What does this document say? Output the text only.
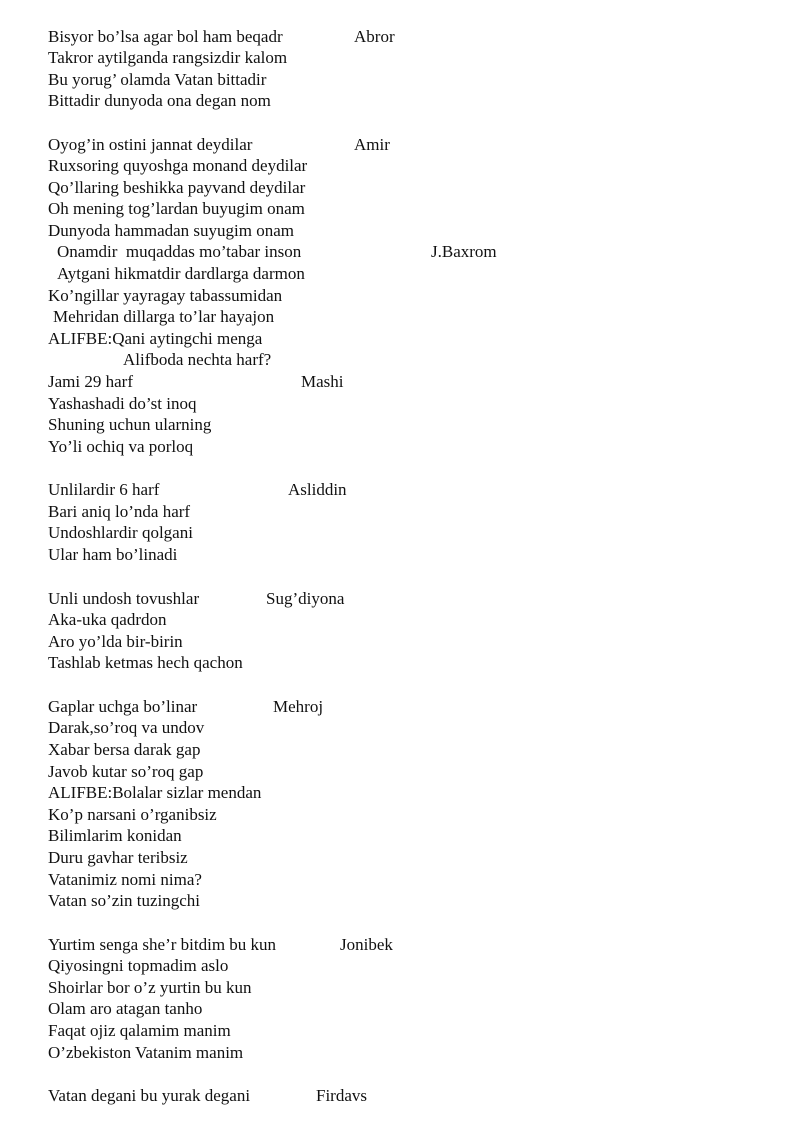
Bisyor bo’lsa agar bol ham beqadr	Abror
Takror aytilganda rangsizdir kalom
Bu yorug’ olamda Vatan bittadir
Bittadir dunyoda ona degan nom
Oyog’in ostini jannat deydilar	Amir
Ruxsoring quyoshga monand deydilar
Qo’llaring beshikka payvand deydilar
Oh mening tog’lardan buyugim onam
Dunyoda hammadan suyugim onam
Onamdir  muqaddas mo’tabar inson	J.Baxrom
Aytgani hikmatdir dardlarga darmon
Ko’ngillar yayragay tabassumidan
Mehridan dillarga to’lar hayajon
ALIFBE:Qani aytingchi menga
Alifboda nechta harf?
Jami 29 harf	Mashi
Yashashadi do’st inoq
Shuning uchun ularning
Yo’li ochiq va porloq
Unlilardir 6 harf	Asliddin
Bari aniq lo’nda harf
Undoshlardir qolgani
Ular ham bo’linadi
Unli undosh tovushlar	Sug’diyona
Aka-uka qadrdon
Aro yo’lda bir-birin
Tashlab ketmas hech qachon
Gaplar uchga bo’linar	Mehroj
Darak,so’roq va undov
Xabar bersa darak gap
Javob kutar so’roq gap
ALIFBE:Bolalar sizlar mendan
Ko’p narsani o’rganibsiz
Bilimlarim konidan
Duru gavhar teribsiz
Vatanimiz nomi nima?
Vatan so’zin tuzingchi
Yurtim senga she’r bitdim bu kun	Jonibek
Qiyosingni topmadim aslo
Shoirlar bor o’z yurtin bu kun
Olam aro atagan tanho
Faqat ojiz qalamim manim
O’zbekiston Vatanim manim
Vatan degani bu yurak degani	Firdavs
